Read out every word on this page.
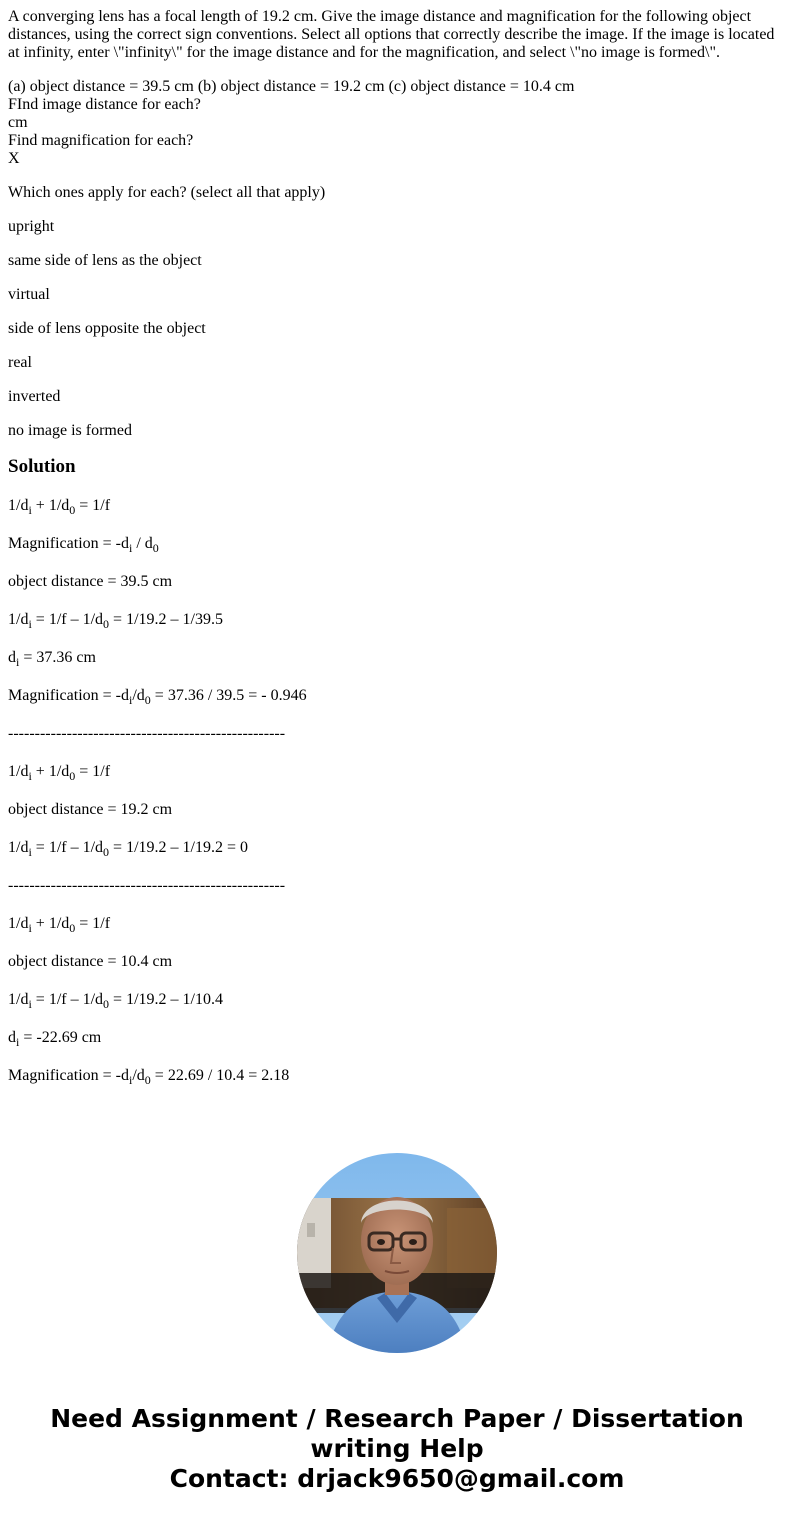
A converging lens has a focal length of 19.2 cm. Give the image distance and magnification for the following object distances, using the correct sign conventions. Select all options that correctly describe the image. If the image is located at infinity, enter \"infinity\" for the image distance and for the magnification, and select \"no image is formed\".

(a) object distance = 39.5 cm (b) object distance = 19.2 cm (c) object distance = 10.4 cm
FInd image distance for each?
cm
Find magnification for each?
X

Which ones apply for each? (select all that apply)

upright

same side of lens as the object

virtual

side of lens opposite the object

real

inverted

no image is formed

Solution

$1/d_i + 1/d_0 = 1/f$

Magnification = $-d_i / d_0$

object distance = 39.5 cm

$1/d_i = 1/f - 1/d_0 = 1/19.2 - 1/39.5$

$d_i = 37.36$ cm

Magnification = $-d_i/d_0 = 37.36 / 39.5$ = - 0.946

----------------------------------------------------

$1/d_i + 1/d_0 = 1/f$

object distance = 19.2 cm

$1/d_i = 1/f - 1/d_0 = 1/19.2 - 1/19.2 = 0$

----------------------------------------------------

$1/d_i + 1/d_0 = 1/f$

object distance = 10.4 cm

$1/d_i = 1/f - 1/d_0 = 1/19.2 - 1/10.4$

$d_i = -22.69$ cm

Magnification = $-d_i/d_0 = 22.69 / 10.4 = 2.18$

Need Assignment / Research Paper / Dissertation
writing Help
Contact: drjack9650@gmail.com
